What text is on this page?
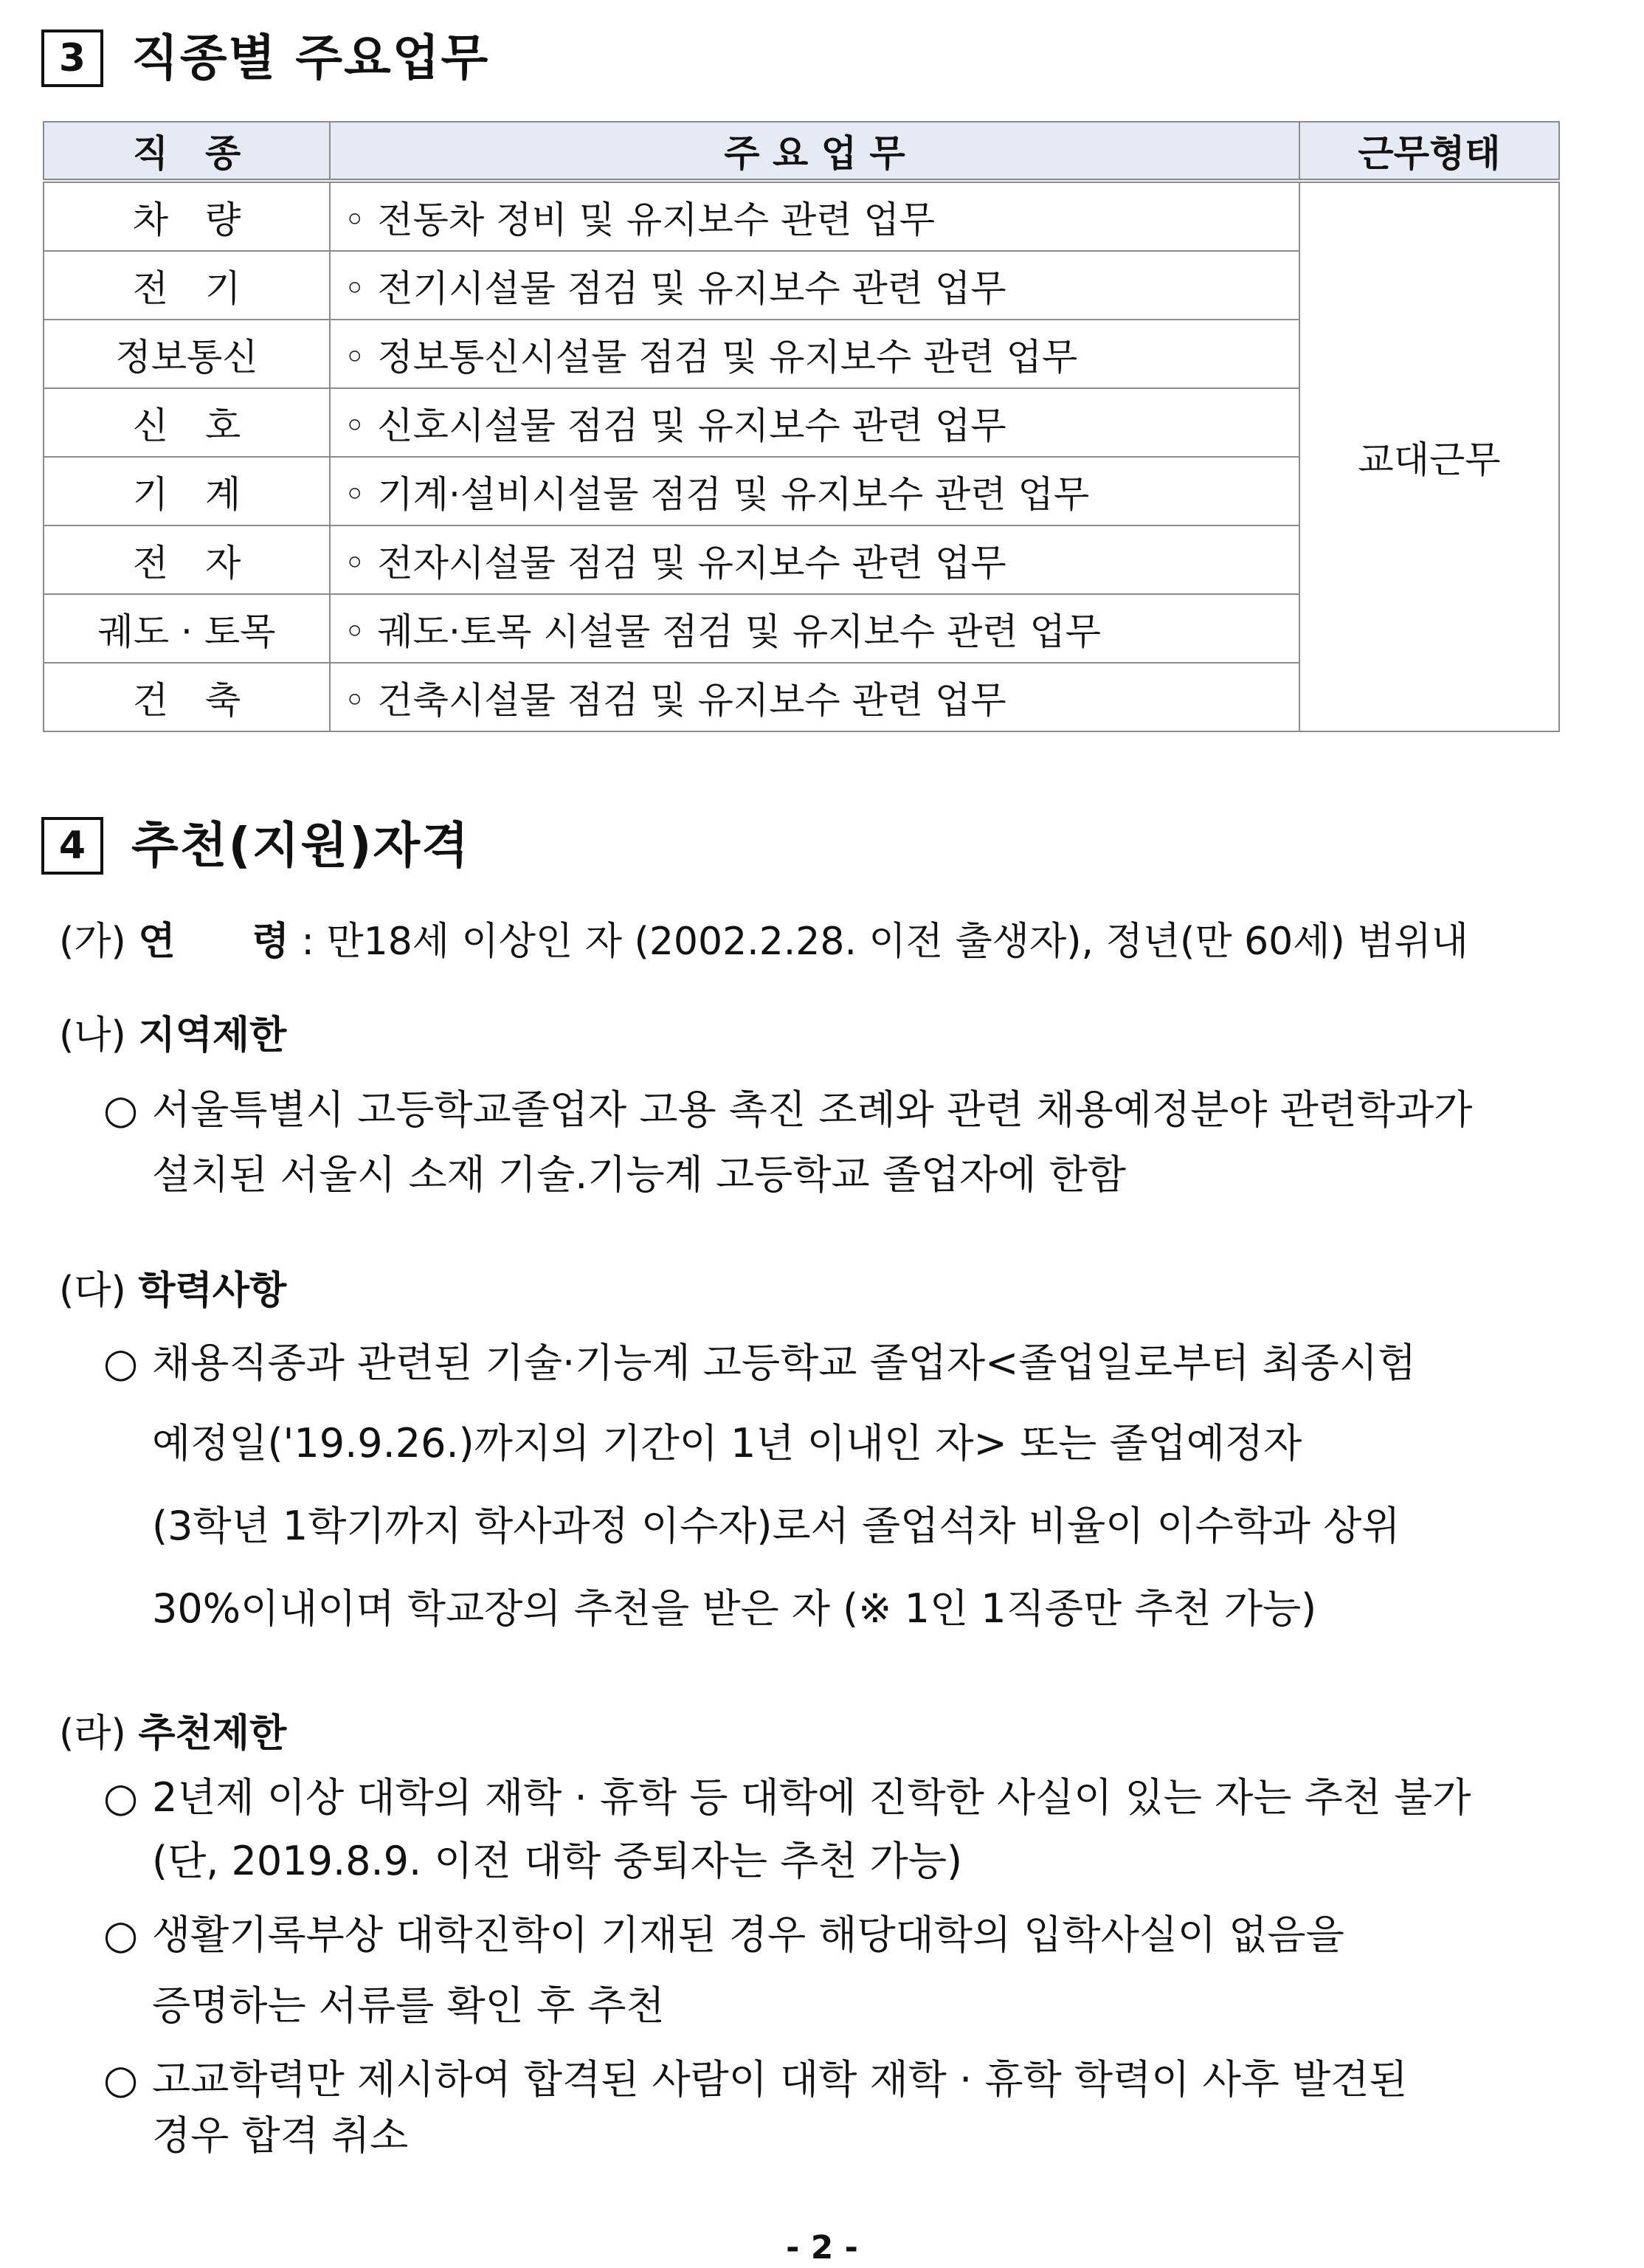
3 직종별 주요업무
직　종	주 요 업 무	근무형태
차　량	◦ 전동차 정비 및 유지보수 관련 업무	교대근무
전　기	◦ 전기시설물 점검 및 유지보수 관련 업무	
정보통신	◦ 정보통신시설물 점검 및 유지보수 관련 업무	
신　호	◦ 신호시설물 점검 및 유지보수 관련 업무	
기　계	◦ 기계·설비시설물 점검 및 유지보수 관련 업무	
전　자	◦ 전자시설물 점검 및 유지보수 관련 업무	
궤도 · 토목	◦ 궤도·토목 시설물 점검 및 유지보수 관련 업무	
건　축	◦ 건축시설물 점검 및 유지보수 관련 업무	
4 추천(지원)자격
(가) 연　　령 : 만18세 이상인 자 (2002.2.28. 이전 출생자), 정년(만 60세) 범위내
(나) 지역제한
○ 서울특별시 고등학교졸업자 고용 촉진 조례와 관련 채용예정분야 관련학과가
설치된 서울시 소재 기술.기능계 고등학교 졸업자에 한함
(다) 학력사항
○ 채용직종과 관련된 기술·기능계 고등학교 졸업자<졸업일로부터 최종시험
예정일('19.9.26.)까지의 기간이 1년 이내인 자> 또는 졸업예정자
(3학년 1학기까지 학사과정 이수자)로서 졸업석차 비율이 이수학과 상위
30%이내이며 학교장의 추천을 받은 자 (※ 1인 1직종만 추천 가능)
(라) 추천제한
○ 2년제 이상 대학의 재학 · 휴학 등 대학에 진학한 사실이 있는 자는 추천 불가
(단, 2019.8.9. 이전 대학 중퇴자는 추천 가능)
○ 생활기록부상 대학진학이 기재된 경우 해당대학의 입학사실이 없음을
증명하는 서류를 확인 후 추천
○ 고교학력만 제시하여 합격된 사람이 대학 재학 · 휴학 학력이 사후 발견된
경우 합격 취소
- 2 -
